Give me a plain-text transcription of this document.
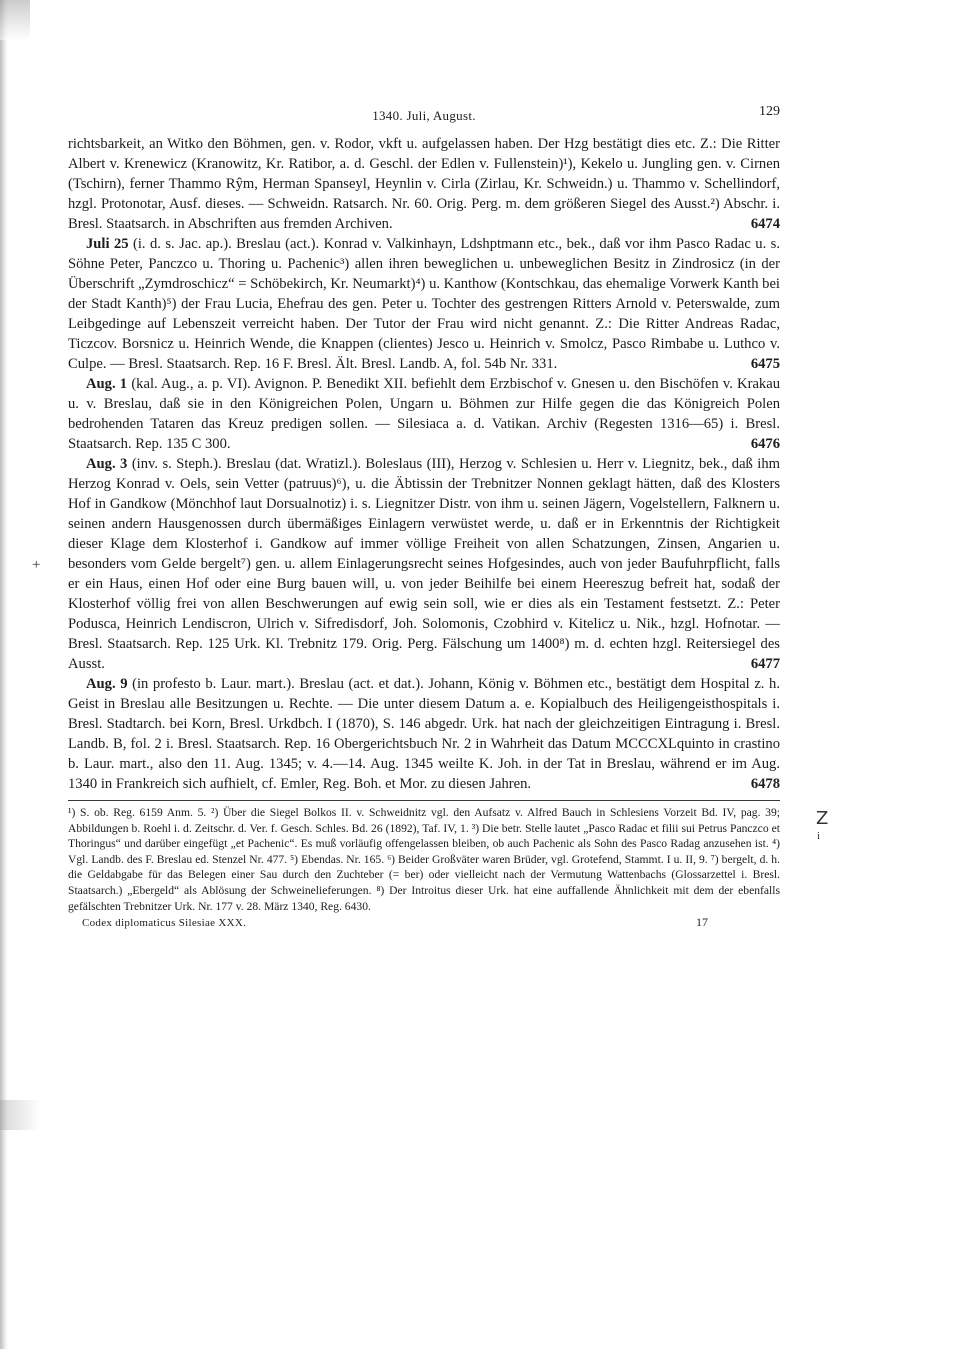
+
Z
i
1340. Juli, August.	129

richtsbarkeit, an Witko den Böhmen, gen. v. Rodor, vkft u. aufgelassen haben. Der Hzg bestätigt dies etc. Z.: Die Ritter Albert v. Krenewicz (Kranowitz, Kr. Ratibor, a. d. Geschl. der Edlen v. Fullenstein)¹), Kekelo u. Jungling gen. v. Cirnen (Tschirn), ferner Thammo Rŷm, Herman Spanseyl, Heynlin v. Cirla (Zirlau, Kr. Schweidn.) u. Thammo v. Schellindorf, hzgl. Protonotar, Ausf. dieses. — Schweidn. Ratsarch. Nr. 60. Orig. Perg. m. dem größeren Siegel des Ausst.²) Abschr. i. Bresl. Staatsarch. in Abschriften aus fremden Archiven.	6474

Juli 25 (i. d. s. Jac. ap.). Breslau (act.). Konrad v. Valkinhayn, Ldshptmann etc., bek., daß vor ihm Pasco Radac u. s. Söhne Peter, Panczco u. Thoring u. Pachenic³) allen ihren beweglichen u. unbeweglichen Besitz in Zindrosicz (in der Überschrift „Zymdroschicz“ = Schöbekirch, Kr. Neumarkt)⁴) u. Kanthow (Kontschkau, das ehemalige Vorwerk Kanth bei der Stadt Kanth)⁵) der Frau Lucia, Ehefrau des gen. Peter u. Tochter des gestrengen Ritters Arnold v. Peterswalde, zum Leibgedinge auf Lebenszeit verreicht haben. Der Tutor der Frau wird nicht genannt. Z.: Die Ritter Andreas Radac, Ticzcov. Borsnicz u. Heinrich Wende, die Knappen (clientes) Jesco u. Heinrich v. Smolcz, Pasco Rimbabe u. Luthco v. Culpe. — Bresl. Staatsarch. Rep. 16 F. Bresl. Ält. Bresl. Landb. A, fol. 54b Nr. 331.	6475

Aug. 1 (kal. Aug., a. p. VI). Avignon. P. Benedikt XII. befiehlt dem Erzbischof v. Gnesen u. den Bischöfen v. Krakau u. v. Breslau, daß sie in den Königreichen Polen, Ungarn u. Böhmen zur Hilfe gegen die das Königreich Polen bedrohenden Tataren das Kreuz predigen sollen. — Silesiaca a. d. Vatikan. Archiv (Regesten 1316—65) i. Bresl. Staatsarch. Rep. 135 C 300.	6476

Aug. 3 (inv. s. Steph.). Breslau (dat. Wratizl.). Boleslaus (III), Herzog v. Schlesien u. Herr v. Liegnitz, bek., daß ihm Herzog Konrad v. Oels, sein Vetter (patruus)⁶), u. die Äbtissin der Trebnitzer Nonnen geklagt hätten, daß des Klosters Hof in Gandkow (Mönchhof laut Dorsualnotiz) i. s. Liegnitzer Distr. von ihm u. seinen Jägern, Vogelstellern, Falknern u. seinen andern Hausgenossen durch übermäßiges Einlagern verwüstet werde, u. daß er in Erkenntnis der Richtigkeit dieser Klage dem Klosterhof i. Gandkow auf immer völlige Freiheit von allen Schatzungen, Zinsen, Angarien u. besonders vom Gelde bergelt⁷) gen. u. allem Einlagerungsrecht seines Hofgesindes, auch von jeder Baufuhrpflicht, falls er ein Haus, einen Hof oder eine Burg bauen will, u. von jeder Beihilfe bei einem Heereszug befreit hat, sodaß der Klosterhof völlig frei von allen Beschwerungen auf ewig sein soll, wie er dies als ein Testament festsetzt. Z.: Peter Podusca, Heinrich Lendiscron, Ulrich v. Sifredisdorf, Joh. Solomonis, Czobhird v. Kitelicz u. Nik., hzgl. Hofnotar. — Bresl. Staatsarch. Rep. 125 Urk. Kl. Trebnitz 179. Orig. Perg. Fälschung um 1400⁸) m. d. echten hzgl. Reitersiegel des Ausst.	6477

Aug. 9 (in profesto b. Laur. mart.). Breslau (act. et dat.). Johann, König v. Böhmen etc., bestätigt dem Hospital z. h. Geist in Breslau alle Besitzungen u. Rechte. — Die unter diesem Datum a. e. Kopialbuch des Heiligengeisthospitals i. Bresl. Stadtarch. bei Korn, Bresl. Urkdbch. I (1870), S. 146 abgedr. Urk. hat nach der gleichzeitigen Eintragung i. Bresl. Landb. B, fol. 2 i. Bresl. Staatsarch. Rep. 16 Obergerichtsbuch Nr. 2 in Wahrheit das Datum MCCCXLquinto in crastino b. Laur. mart., also den 11. Aug. 1345; v. 4.—14. Aug. 1345 weilte K. Joh. in der Tat in Breslau, während er im Aug. 1340 in Frankreich sich aufhielt, cf. Emler, Reg. Boh. et Mor. zu diesen Jahren.	6478

¹) S. ob. Reg. 6159 Anm. 5. ²) Über die Siegel Bolkos II. v. Schweidnitz vgl. den Aufsatz v. Alfred Bauch in Schlesiens Vorzeit Bd. IV, pag. 39; Abbildungen b. Roehl i. d. Zeitschr. d. Ver. f. Gesch. Schles. Bd. 26 (1892), Taf. IV, 1. ³) Die betr. Stelle lautet „Pasco Radac et filii sui Petrus Panczco et Thoringus“ und darüber eingefügt „et Pachenic“. Es muß vorläufig offengelassen bleiben, ob auch Pachenic als Sohn des Pasco Radag anzusehen ist. ⁴) Vgl. Landb. des F. Breslau ed. Stenzel Nr. 477. ⁵) Ebendas. Nr. 165. ⁶) Beider Großväter waren Brüder, vgl. Grotefend, Stammt. I u. II, 9. ⁷) bergelt, d. h. die Geldabgabe für das Belegen einer Sau durch den Zuchteber (= ber) oder vielleicht nach der Vermutung Wattenbachs (Glossarzettel i. Bresl. Staatsarch.) „Ebergeld“ als Ablösung der Schweinelieferungen. ⁸) Der Introitus dieser Urk. hat eine auffallende Ähnlichkeit mit dem der ebenfalls gefälschten Trebnitzer Urk. Nr. 177 v. 28. März 1340, Reg. 6430.

Codex diplomaticus Silesiae XXX.	17
